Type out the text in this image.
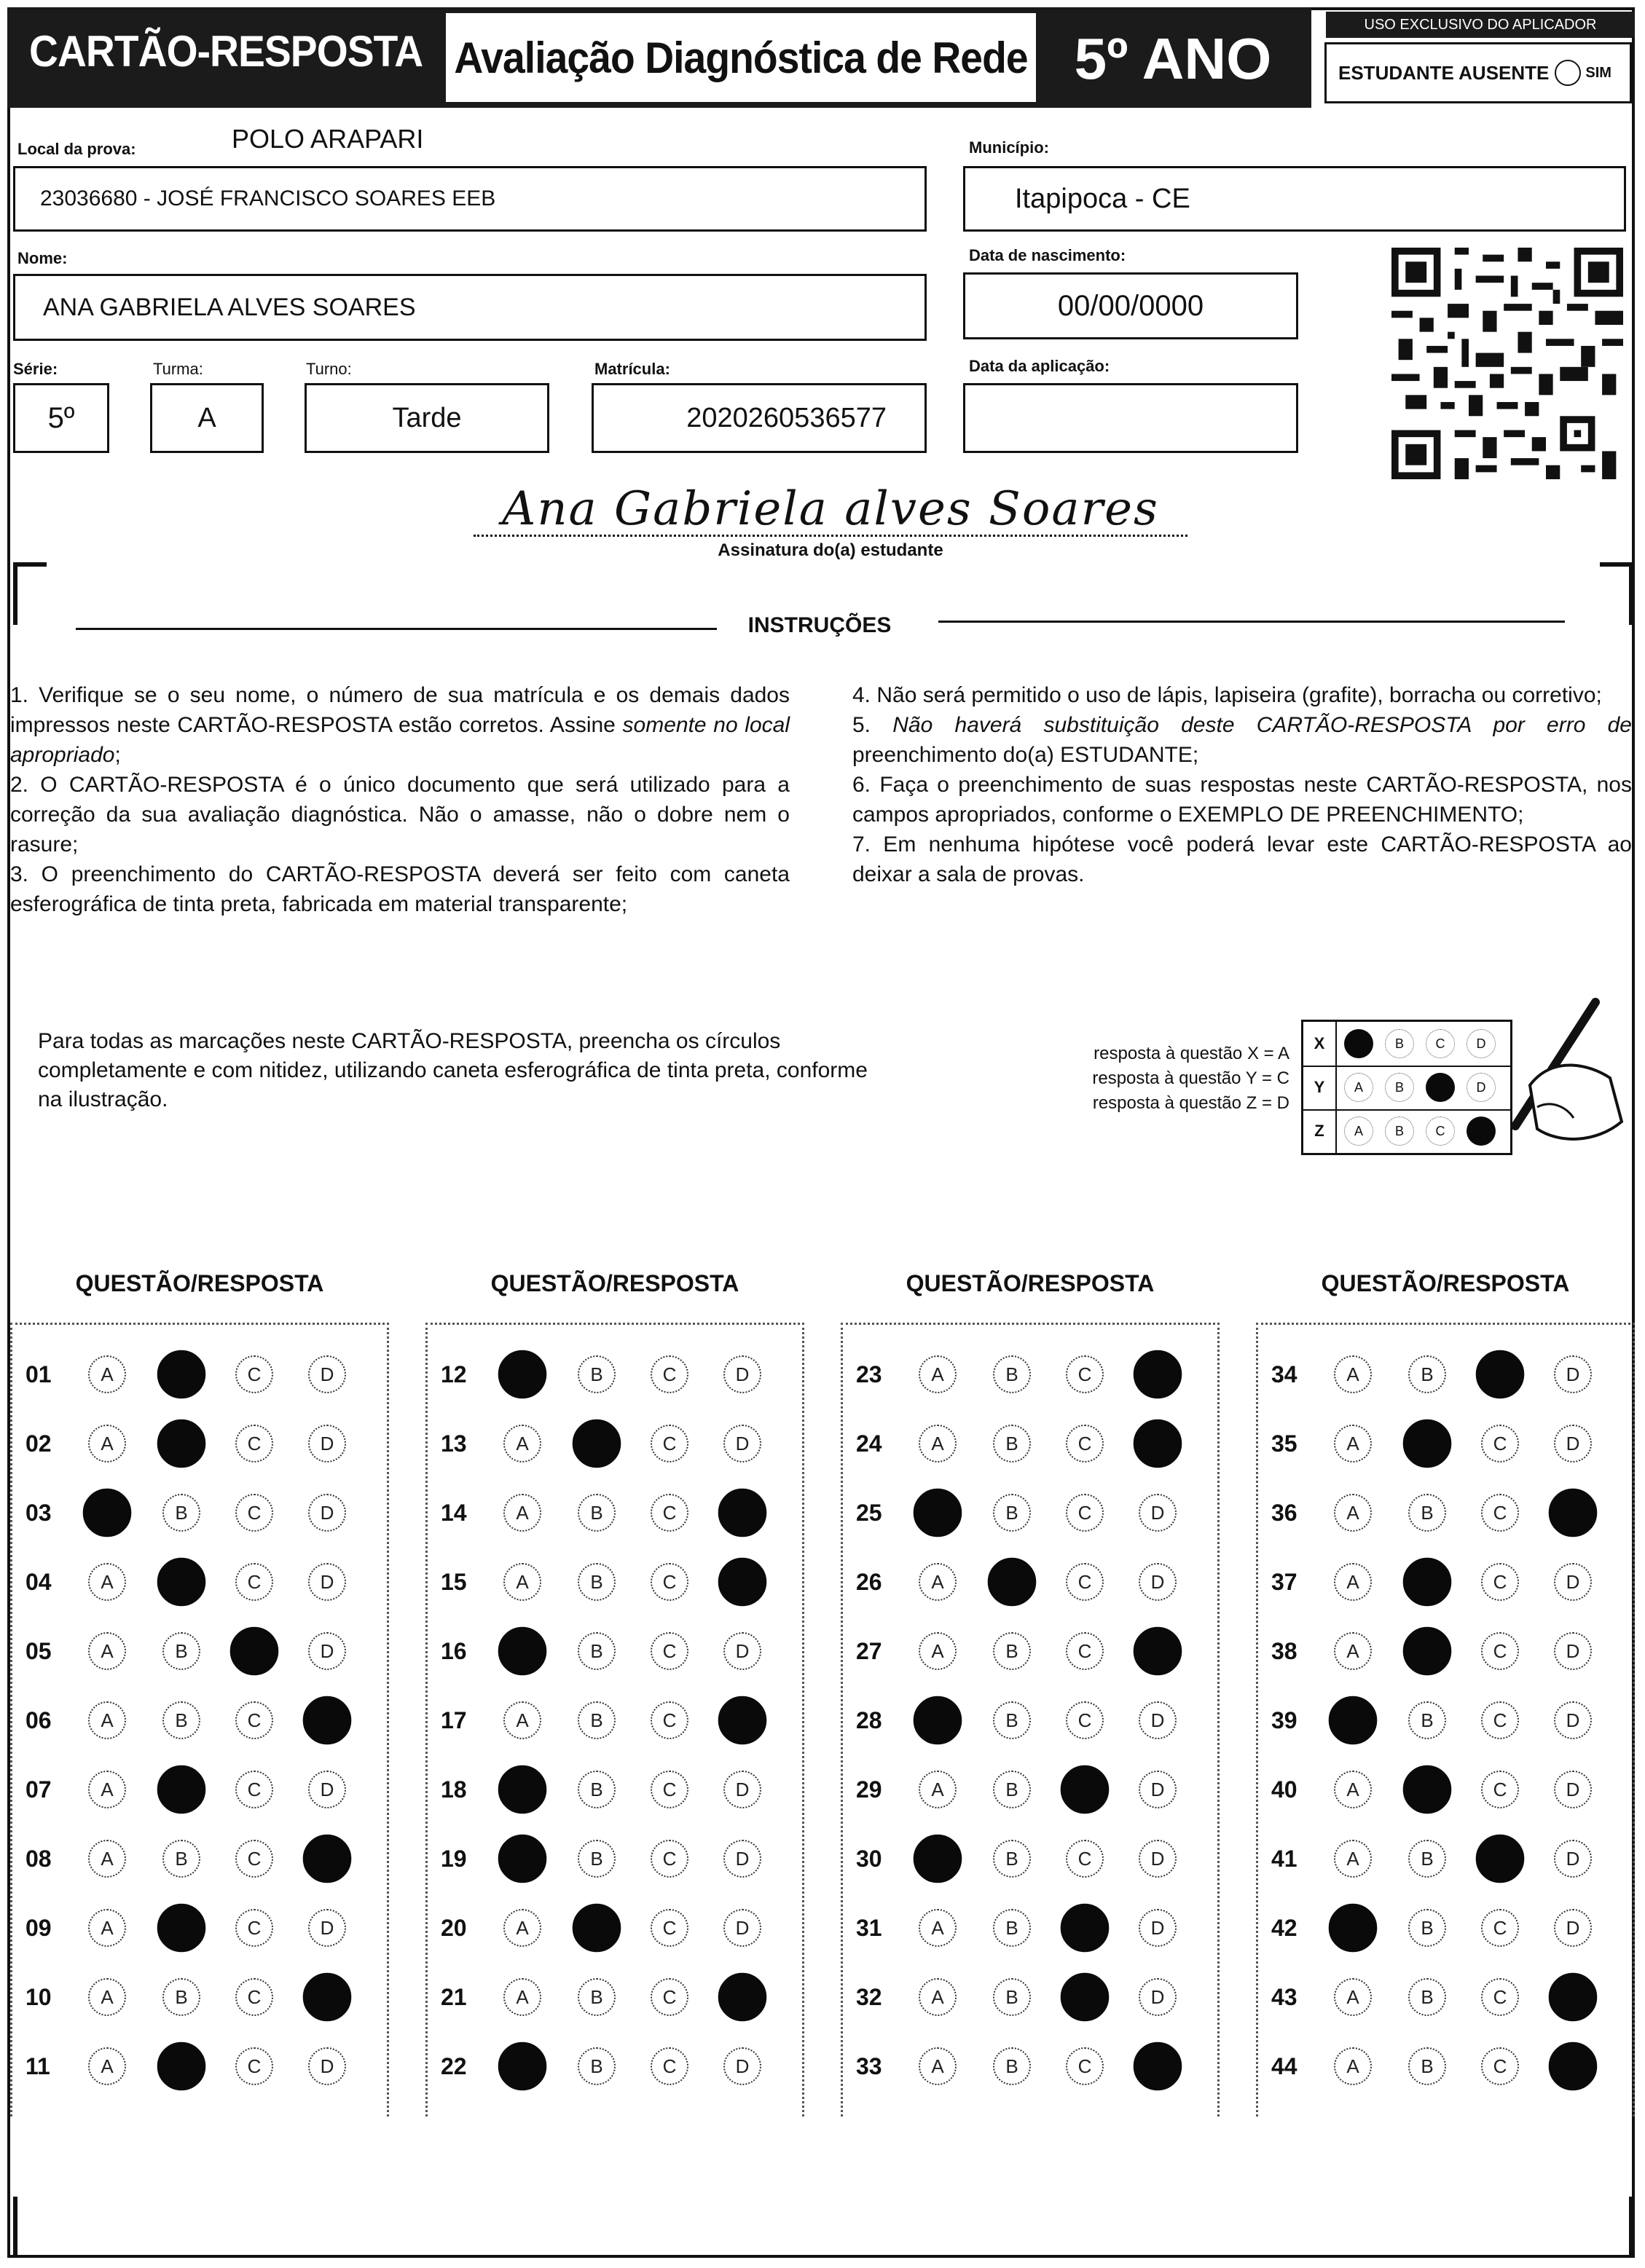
CARTÃO-RESPOSTA Avaliação Diagnóstica de Rede 5º ANO
USO EXCLUSIVO DO APLICADOR
ESTUDANTE AUSENTE	SIM
Local da prova:	POLO ARAPARI
23036680 - JOSÉ FRANCISCO SOARES EEB
Município:
Itapipoca - CE
Nome:
ANA GABRIELA ALVES SOARES
Data de nascimento:
00/00/0000
Série:
5º
Turma:
A
Turno:
Tarde
Matrícula:
2020260536577
Data da aplicação:
Ana Gabriela alves Soares
Assinatura do(a) estudante
INSTRUÇÕES

1. Verifique se o seu nome, o número de sua matrícula e os demais dados impressos neste CARTÃO-RESPOSTA estão corretos. Assine somente no local apropriado;

2. O CARTÃO-RESPOSTA é o único documento que será utilizado para a correção da sua avaliação diagnóstica. Não o amasse, não o dobre nem o rasure;

3. O preenchimento do CARTÃO-RESPOSTA deverá ser feito com caneta esferográfica de tinta preta, fabricada em material transparente;

4. Não será permitido o uso de lápis, lapiseira (grafite), borracha ou corretivo;

5. Não haverá substituição deste CARTÃO-RESPOSTA por erro de preenchimento do(a) ESTUDANTE;

6. Faça o preenchimento de suas respostas neste CARTÃO-RESPOSTA, nos campos apropriados, conforme o EXEMPLO DE PREENCHIMENTO;

7. Em nenhuma hipótese você poderá levar este CARTÃO-RESPOSTA ao deixar a sala de provas.

Para todas as marcações neste CARTÃO-RESPOSTA, preencha os círculos completamente e com nitidez, utilizando caneta esferográfica de tinta preta, conforme na ilustração.
resposta à questão X = A
resposta à questão Y = C
resposta à questão Z = D
X	A	B	C	D
Y	A	B	C	D
Z	A	B	C	D
QUESTÃO/RESPOSTA
01	A	B	C	D
02	A	B	C	D
03	A	B	C	D
04	A	B	C	D
05	A	B	C	D
06	A	B	C	D
07	A	B	C	D
08	A	B	C	D
09	A	B	C	D
10	A	B	C	D
11	A	B	C	D
QUESTÃO/RESPOSTA
12	A	B	C	D
13	A	B	C	D
14	A	B	C	D
15	A	B	C	D
16	A	B	C	D
17	A	B	C	D
18	A	B	C	D
19	A	B	C	D
20	A	B	C	D
21	A	B	C	D
22	A	B	C	D
QUESTÃO/RESPOSTA
23	A	B	C	D
24	A	B	C	D
25	A	B	C	D
26	A	B	C	D
27	A	B	C	D
28	A	B	C	D
29	A	B	C	D
30	A	B	C	D
31	A	B	C	D
32	A	B	C	D
33	A	B	C	D
QUESTÃO/RESPOSTA
34	A	B	C	D
35	A	B	C	D
36	A	B	C	D
37	A	B	C	D
38	A	B	C	D
39	A	B	C	D
40	A	B	C	D
41	A	B	C	D
42	A	B	C	D
43	A	B	C	D
44	A	B	C	D
